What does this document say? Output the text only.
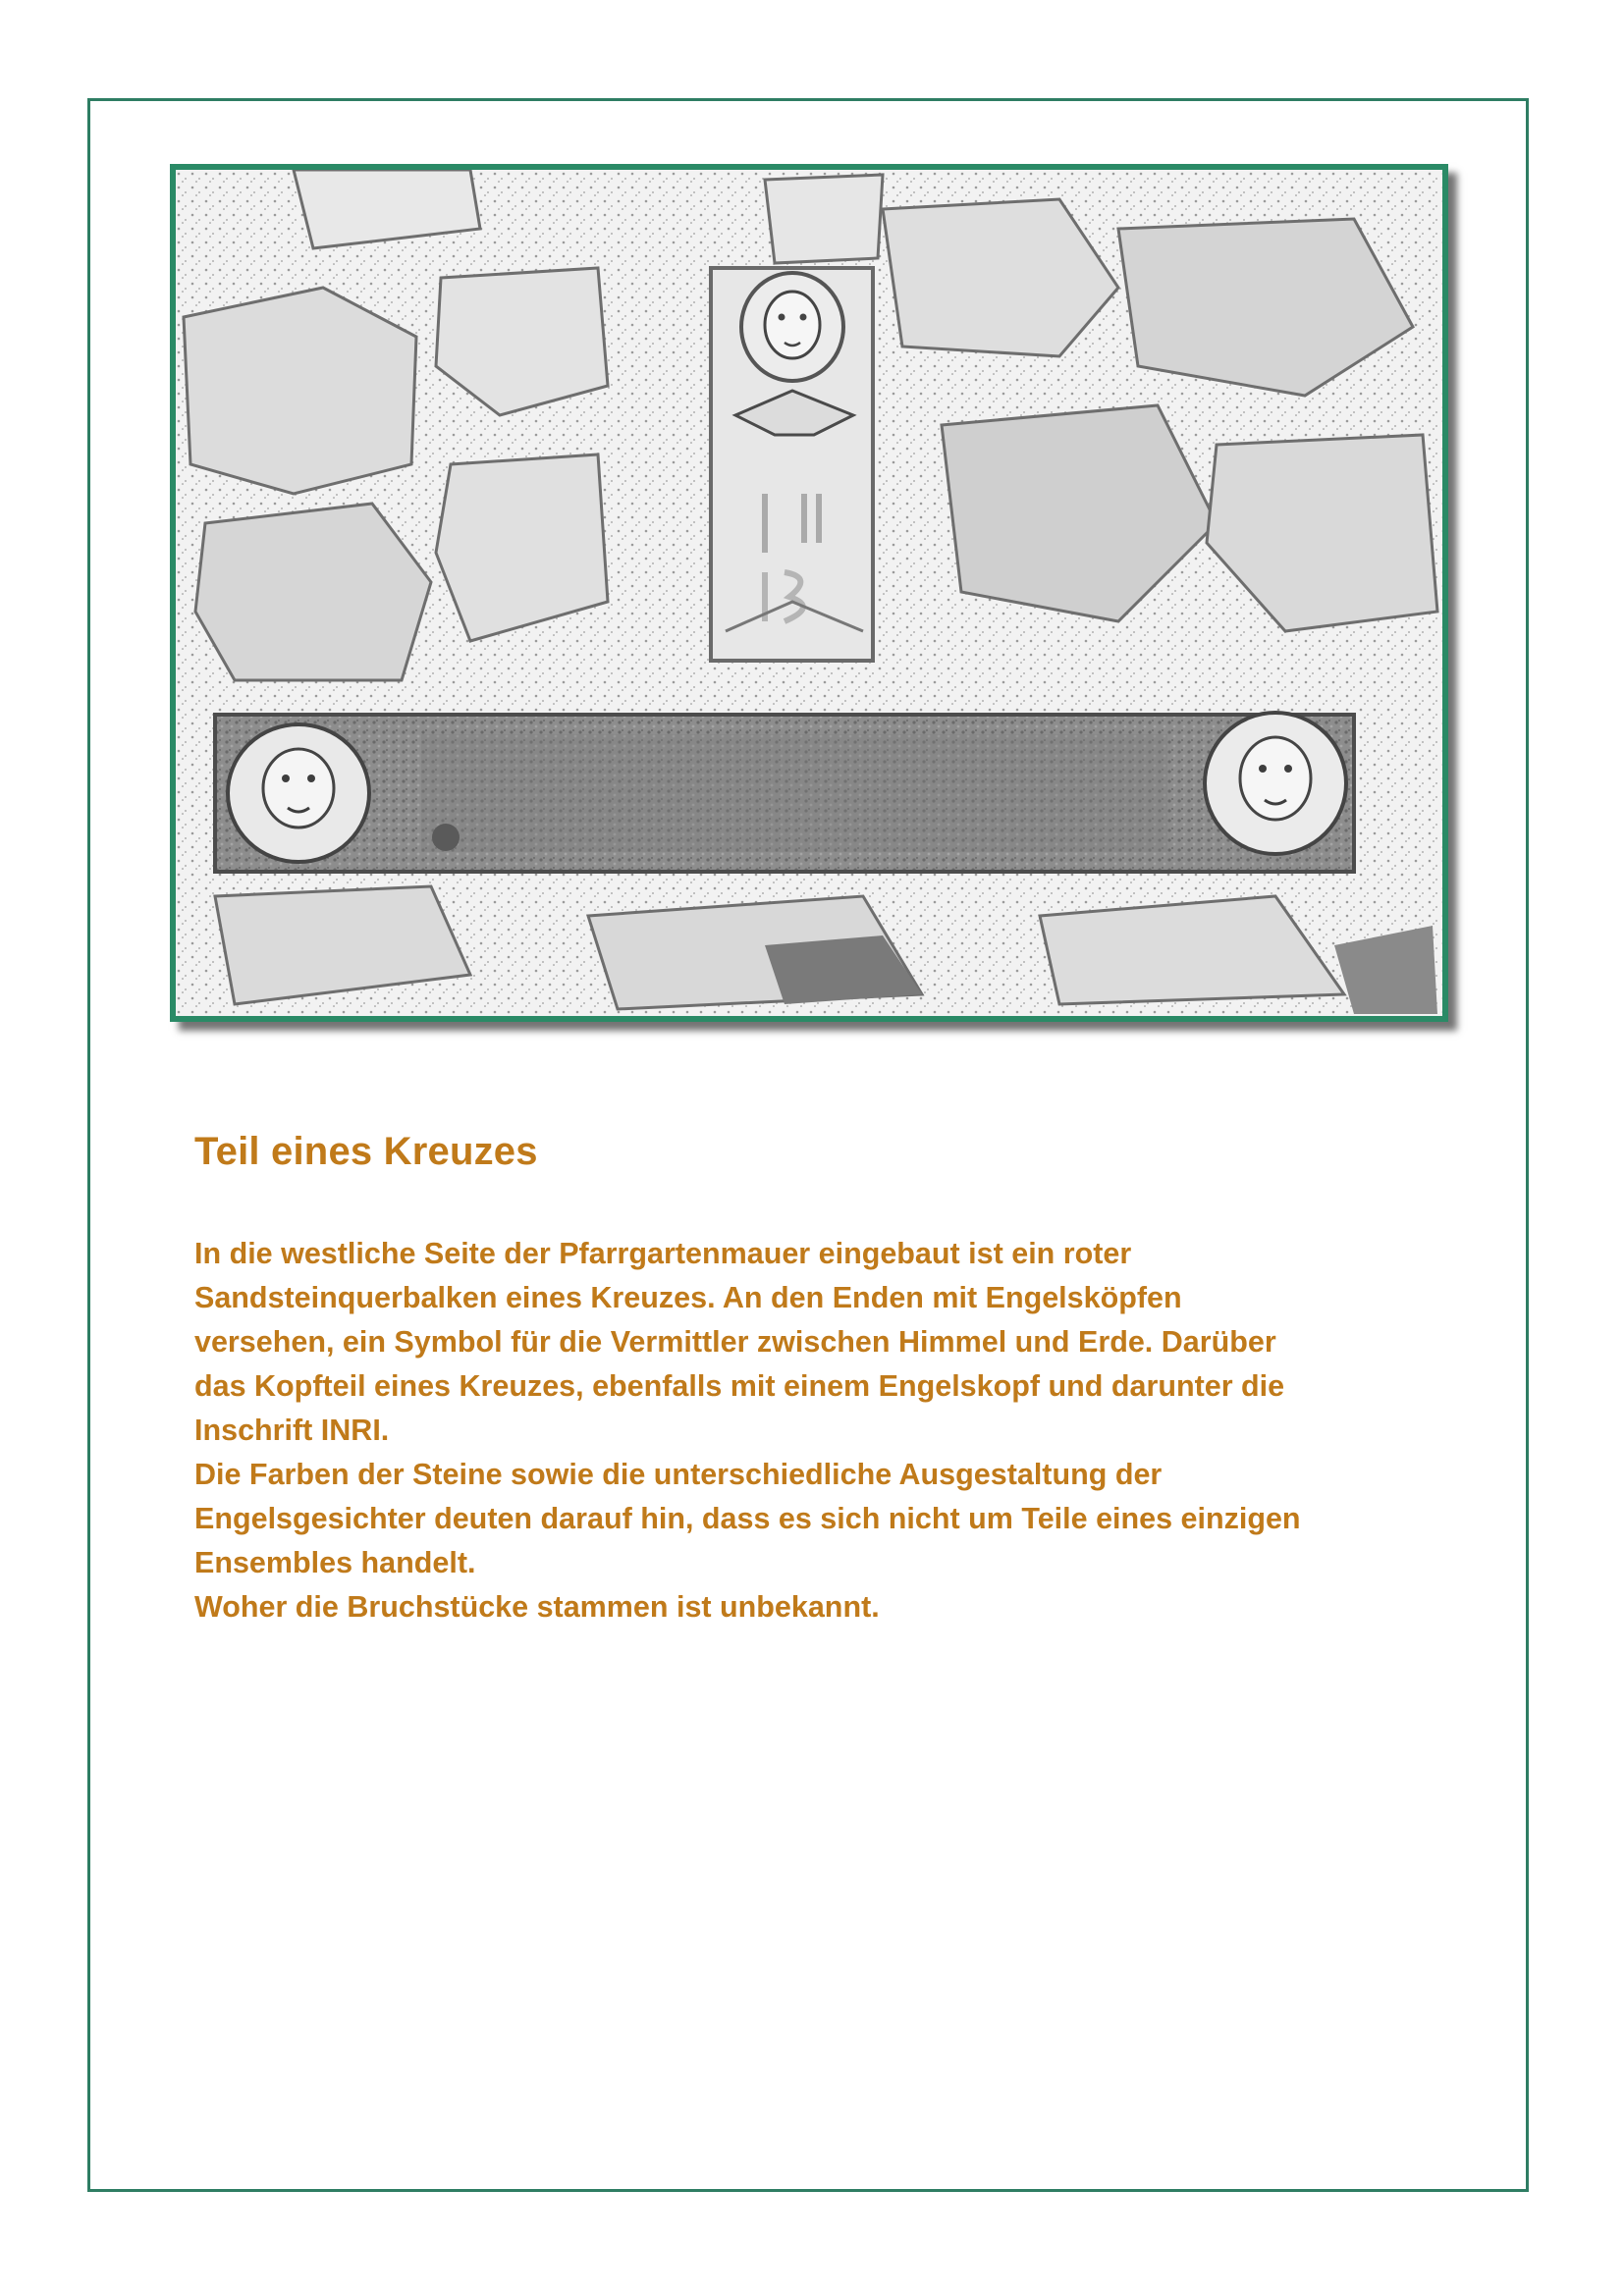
Teil eines Kreuzes

In die westliche Seite der Pfarrgartenmauer eingebaut ist ein roter

Sandsteinquerbalken eines Kreuzes. An den Enden mit Engelsköpfen

versehen, ein Symbol für die Vermittler zwischen Himmel und Erde. Darüber

das Kopfteil eines Kreuzes, ebenfalls mit einem Engelskopf und darunter die

Inschrift INRI.

Die Farben der Steine sowie die unterschiedliche Ausgestaltung der

Engelsgesichter deuten darauf hin, dass es sich nicht um Teile eines einzigen

Ensembles handelt.

Woher die Bruchstücke stammen ist unbekannt.
